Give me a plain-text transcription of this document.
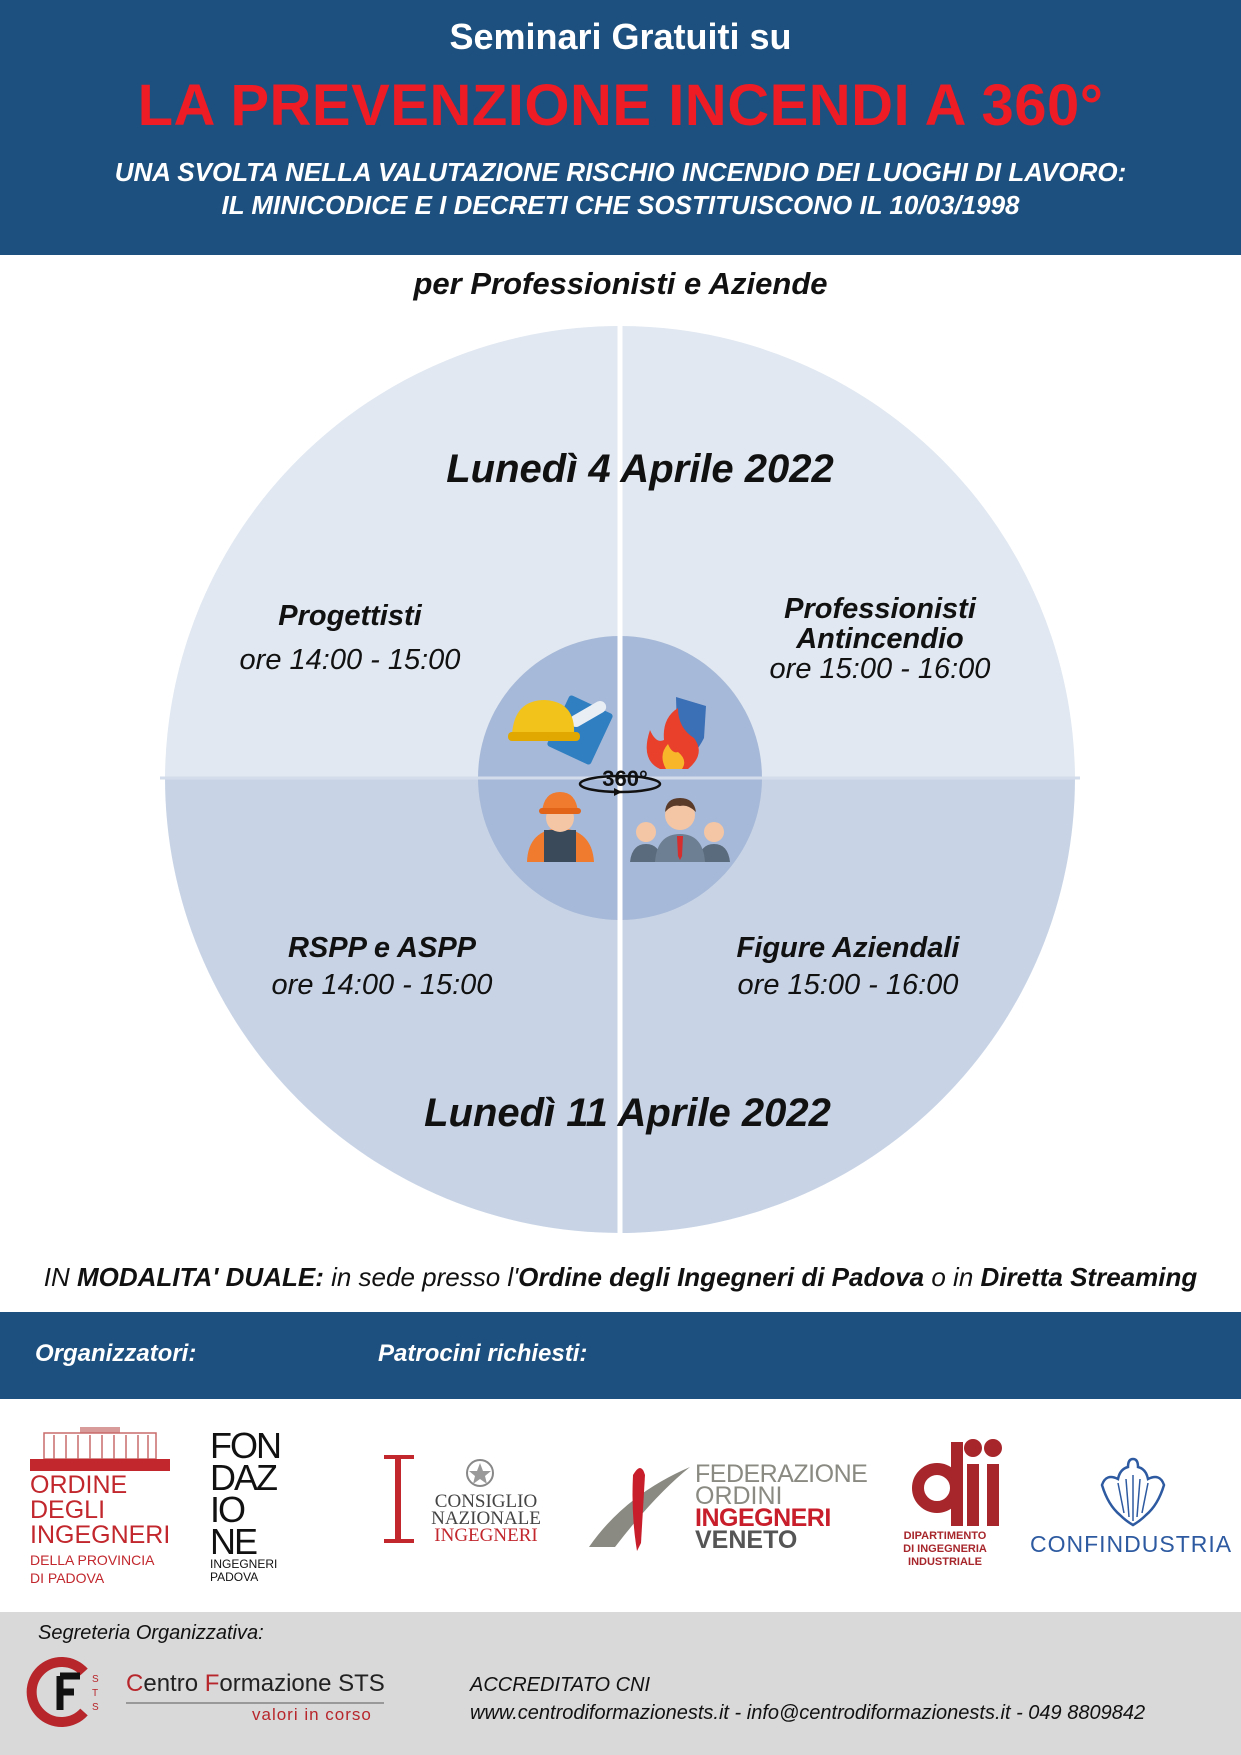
Seminari Gratuiti su
LA PREVENZIONE INCENDI A 360°
UNA SVOLTA NELLA VALUTAZIONE RISCHIO INCENDIO DEI LUOGHI DI LAVORO:
IL MINICODICE E I DECRETI CHE SOSTITUISCONO IL 10/03/1998
per Professionisti e Aziende
360°
Lunedì 4 Aprile 2022
Lunedì 11 Aprile 2022
Progettisti
ore 14:00 - 15:00
Professionisti
Antincendio
ore 15:00 - 16:00
RSPP e ASPP
ore 14:00 - 15:00
Figure Aziendali
ore 15:00 - 16:00
IN MODALITA' DUALE: in sede presso l'Ordine degli Ingegneri di Padova o in Diretta Streaming
Organizzatori:	Patrocini richiesti:
ORDINE
DEGLI
INGEGNERI
DELLA PROVINCIA
DI PADOVA
FON
DAZ
IO
NE
INGEGNERI
PADOVA
CONSIGLIO
NAZIONALE
INGEGNERI
FEDERAZIONE
ORDINI
INGEGNERI
VENETO	DIPARTIMENTO
DI INGEGNERIA
INDUSTRIALE
CONFINDUSTRIA
Segreteria Organizzativa:
S
T
S
Centro Formazione STS
valori in corso
ACCREDITATO CNI
www.centrodiformazionests.it - info@centrodiformazionests.it - 049 8809842
